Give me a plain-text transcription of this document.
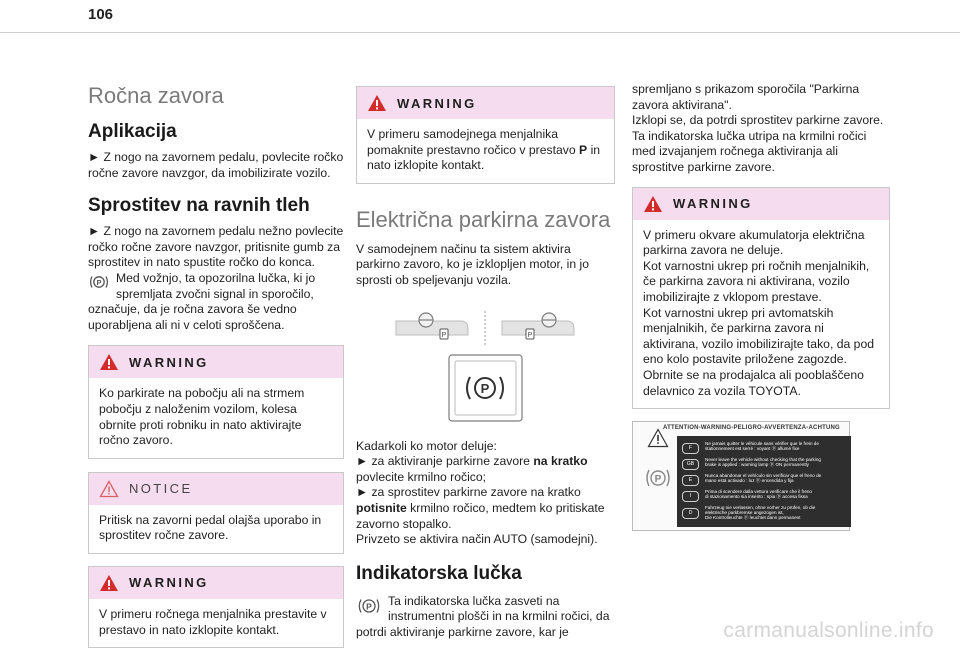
106
Ročna zavora
Aplikacija

► Z nogo na zavornem pedalu, povlecite ročko ročne zavore navzgor, da imobilizirate vozilo.

Sprostitev na ravnih tleh

► Z nogo na zavornem pedalu nežno povlecite ročko ročne zavore navzgor, pritisnite gumb za sprostitev in nato spustite ročko do konca.

P Med vožnjo, ta opozorilna lučka, ki jo spremljata zvočni signal in sporočilo, označuje, da je ročna zavora še vedno uporabljena ali ni v celoti sproščena.

WARNING
Ko parkirate na pobočju ali na strmem pobočju z naloženim vozilom, kolesa obrnite proti robniku in nato aktivirajte ročno zavoro.
NOTICE
Pritisk na zavorni pedal olajša uporabo in sprostitev ročne zavore.
WARNING
V primeru ročnega menjalnika prestavite v prestavo in nato izklopite kontakt.
WARNING
V primeru samodejnega menjalnika pomaknite prestavno ročico v prestavo P in nato izklopite kontakt.
Električna parkirna zavora

V samodejnem načinu ta sistem aktivira parkirno zavoro, ko je izklopljen motor, in jo sprosti ob speljevanju vozila.

P	P
P

Kadarkoli ko motor deluje:

► za aktiviranje parkirne zavore na kratko povlecite krmilno ročico;

► za sprostitev parkirne zavore na kratko potisnite krmilno ročico, medtem ko pritiskate zavorno stopalko.

Privzeto se aktivira način AUTO (samodejni).

Indikatorska lučka

P Ta indikatorska lučka zasveti na instrumentni plošči in na krmilni ročici, da potrdi aktiviranje parkirne zavore, kar je

spremljano s prikazom sporočila "Parkirna zavora aktivirana".

Izklopi se, da potrdi sprostitev parkirne zavore.

Ta indikatorska lučka utripa na krmilni ročici med izvajanjem ročnega aktiviranja ali sprostitve parkirne zavore.

WARNING
V primeru okvare akumulatorja električna parkirna zavora ne deluje.
Kot varnostni ukrep pri ročnih menjalnikih, če parkirna zavora ni aktivirana, vozilo imobilizirajte z vklopom prestave.
Kot varnostni ukrep pri avtomatskih menjalnikih, če parkirna zavora ni aktivirana, vozilo imobilizirajte tako, da pod eno kolo postavite priložene zagozde.
Obrnite se na prodajalca ali pooblaščeno delavnico za vozila TOYOTA.
ATTENTION-WARNING-PELIGRO-AVVERTENZA-ACHTUNG
P
F
Ne jamais quitter le véhicule sans vérifier que le frein de
stationnement est serré : voyant ⓟ allumé fixe
GB
Never leave the vehicle without checking that the parking
brake is applied : warning lamp ⓟ ON permanently
E
Nunca abandonar el vehículo sin verificar que el freno de
mano está activado : luz ⓟ encendida y fija
I
Prima di scendere dalla vettura verificare che il freno
di stazionamento sia inserito : spia ⓟ accesa fissa
D
Fahrzeug nie verlassen, ohne vorher zu prüfen, ob die
elektrische parkbremse angezogen ist,
Die Kontrolleuchte ⓟ leuchtet dann permanent
carmanualsonline.info
